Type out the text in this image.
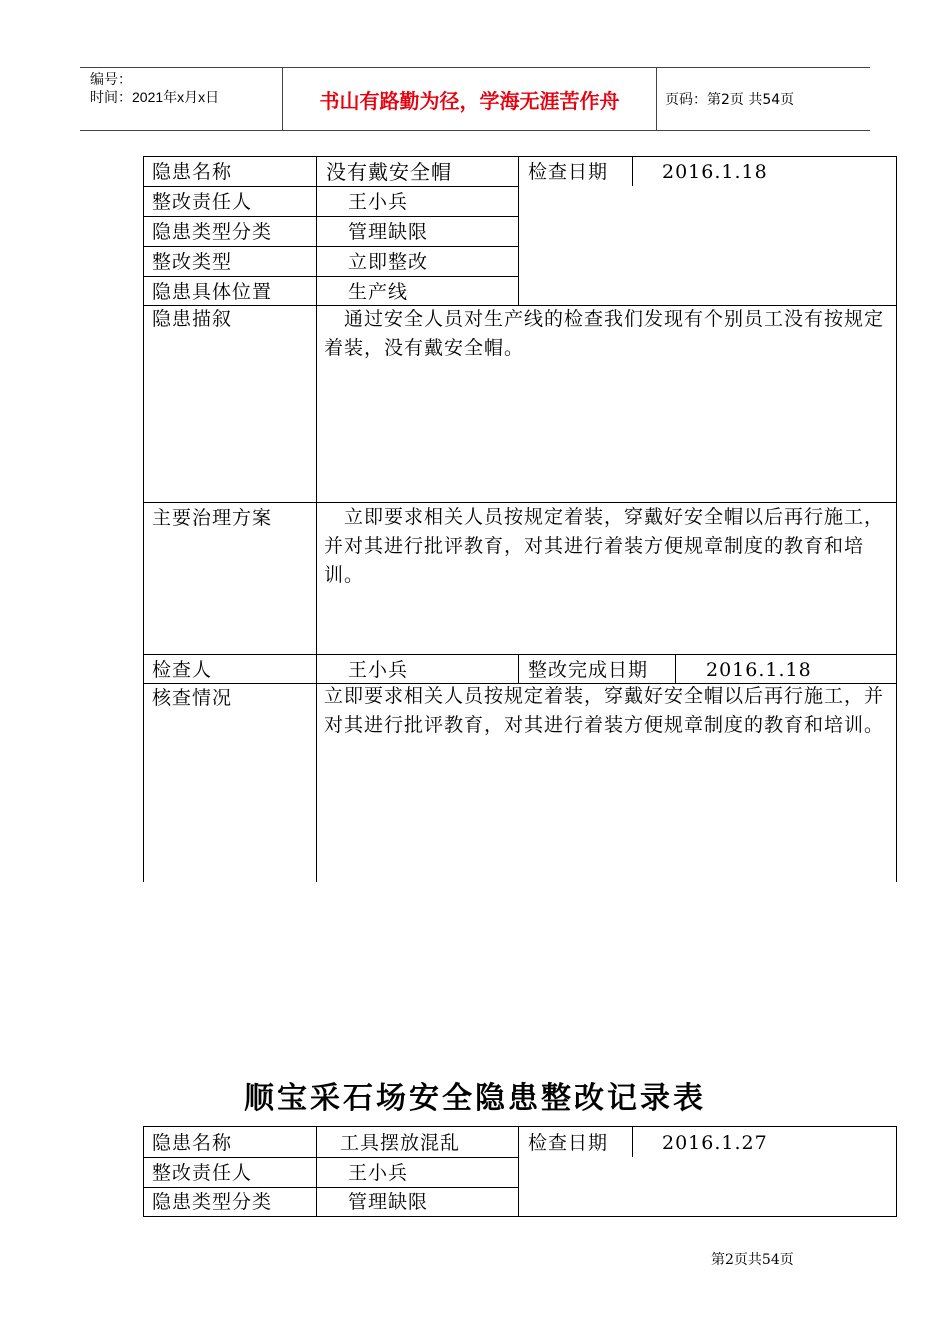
编号：
时间：2021年x月x日	书山有路勤为径，学海无涯苦作舟	页码：第2页 共54页
隐患名称	没有戴安全帽	检查日期	2016.1.18
整改责任人	王小兵
隐患类型分类	管理缺限
整改类型	立即整改
隐患具体位置	生产线
隐患描叙	　通过安全人员对生产线的检查我们发现有个别员工没有按规定着装，没有戴安全帽。
主要治理方案	　立即要求相关人员按规定着装，穿戴好安全帽以后再行施工，并对其进行批评教育，对其进行着装方便规章制度的教育和培训。
检查人	王小兵	整改完成日期	2016.1.18
核查情况	立即要求相关人员按规定着装，穿戴好安全帽以后再行施工，并对其进行批评教育，对其进行着装方便规章制度的教育和培训。
顺宝采石场安全隐患整改记录表
隐患名称	工具摆放混乱	检查日期	2016.1.27
整改责任人	王小兵
隐患类型分类	管理缺限
第2页共54页
